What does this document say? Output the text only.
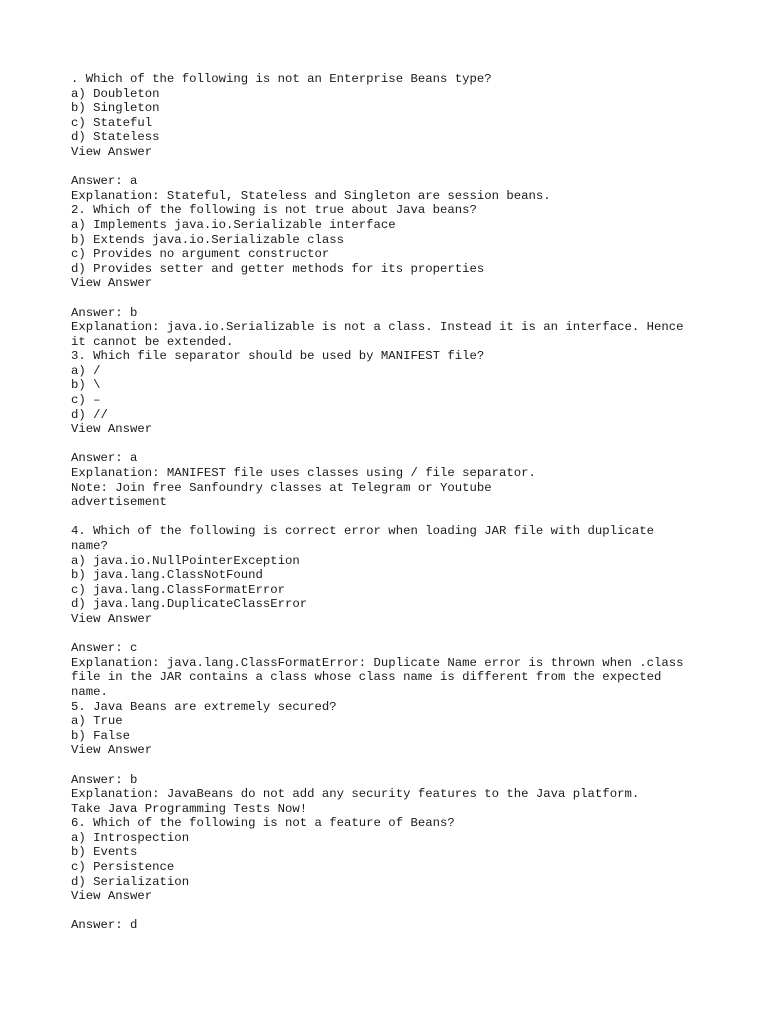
. Which of the following is not an Enterprise Beans type?
a) Doubleton
b) Singleton
c) Stateful
d) Stateless
View Answer
Answer: a
Explanation: Stateful, Stateless and Singleton are session beans.
2. Which of the following is not true about Java beans?
a) Implements java.io.Serializable interface
b) Extends java.io.Serializable class
c) Provides no argument constructor
d) Provides setter and getter methods for its properties
View Answer
Answer: b
Explanation: java.io.Serializable is not a class. Instead it is an interface. Hence
it cannot be extended.
3. Which file separator should be used by MANIFEST file?
a) /
b) \
c) –
d) //
View Answer
Answer: a
Explanation: MANIFEST file uses classes using / file separator.
Note: Join free Sanfoundry classes at Telegram or Youtube
advertisement
4. Which of the following is correct error when loading JAR file with duplicate
name?
a) java.io.NullPointerException
b) java.lang.ClassNotFound
c) java.lang.ClassFormatError
d) java.lang.DuplicateClassError
View Answer
Answer: c
Explanation: java.lang.ClassFormatError: Duplicate Name error is thrown when .class
file in the JAR contains a class whose class name is different from the expected
name.
5. Java Beans are extremely secured?
a) True
b) False
View Answer
Answer: b
Explanation: JavaBeans do not add any security features to the Java platform.
Take Java Programming Tests Now!
6. Which of the following is not a feature of Beans?
a) Introspection
b) Events
c) Persistence
d) Serialization
View Answer
Answer: d
